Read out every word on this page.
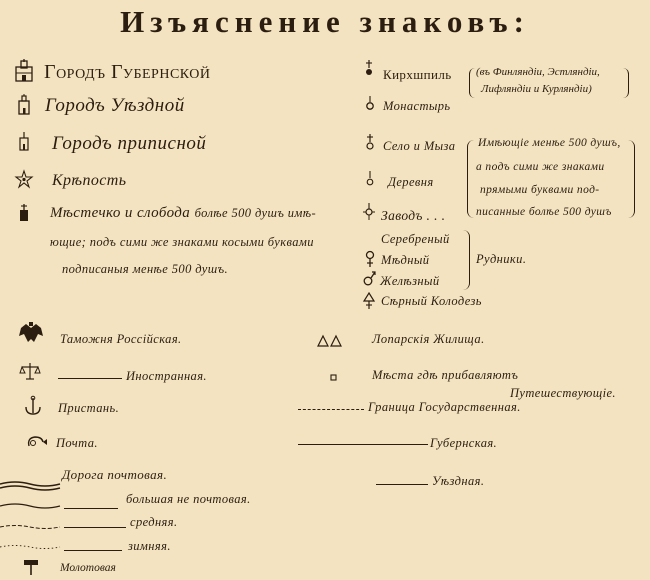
Изъяснение знаковъ:
Городъ Губернской
Городъ Уѣздной
Городъ приписной
Крѣпость
Мѣстечко и слобода болѣе 500 душъ имѣ-
ющие; подъ сими же знаками косыми буквами
подписаныя менѣе 500 душъ.
Кирхшпиль (въ Финляндіи, Эстляндіи,
Лифляндіи и Курляндіи)
Монастырь
Село и Мыза
Деревня
Заводъ . . .
Имѣющіе менѣе 500 душъ,
а подъ сими же знаками
прямыми буквами под-
писанные болѣе 500 душъ
Серебреный
Мѣдный
Желѣзный
Рудники.
Сѣрный Колодезь
Таможня Россійская.
Иностранная.
Пристань.
Почта.
Дорога почтовая.
большая не почтовая.
средняя.
зимняя.
Молотовая
Лопарскія Жилища.
Мѣста гдѣ прибавляютъ
Путешествующіе.
Граница Государственная.
Губернская.
Уѣздная.
